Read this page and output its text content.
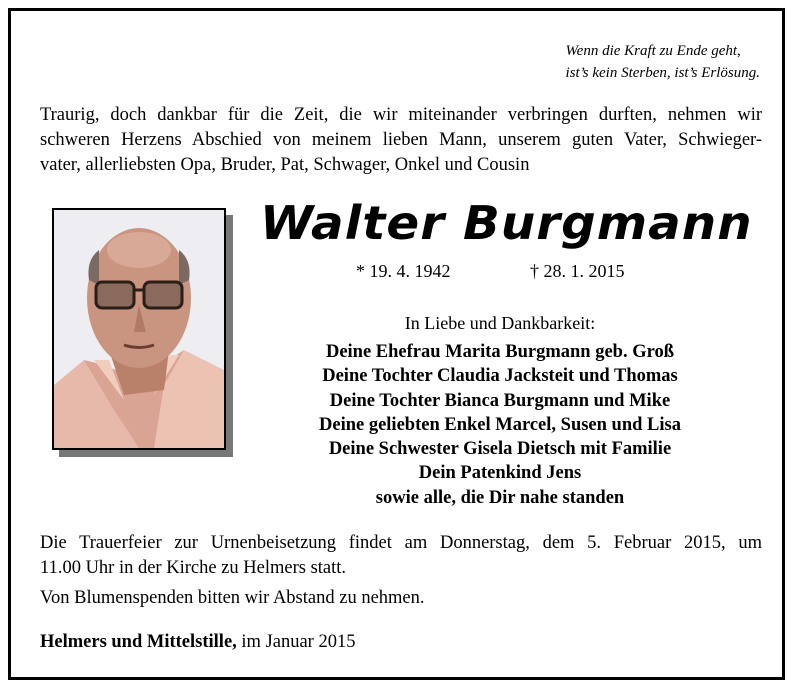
Wenn die Kraft zu Ende geht,
ist’s kein Sterben, ist’s Erlösung.
Traurig, doch dankbar für die Zeit, die wir miteinander verbringen durften, nehmen wir
schweren Herzens Abschied von meinem lieben Mann, unserem guten Vater, Schwieger-
vater, allerliebsten Opa, Bruder, Pat, Schwager, Onkel und Cousin
Walter Burgmann
* 19. 4. 1942	† 28. 1. 2015
In Liebe und Dankbarkeit:
Deine Ehefrau Marita Burgmann geb. Groß
Deine Tochter Claudia Jacksteit und Thomas
Deine Tochter Bianca Burgmann und Mike
Deine geliebten Enkel Marcel, Susen und Lisa
Deine Schwester Gisela Dietsch mit Familie
Dein Patenkind Jens
sowie alle, die Dir nahe standen
Die Trauerfeier zur Urnenbeisetzung findet am Donnerstag, dem 5. Februar 2015, um
11.00 Uhr in der Kirche zu Helmers statt.
Von Blumenspenden bitten wir Abstand zu nehmen.
Helmers und Mittelstille, im Januar 2015
